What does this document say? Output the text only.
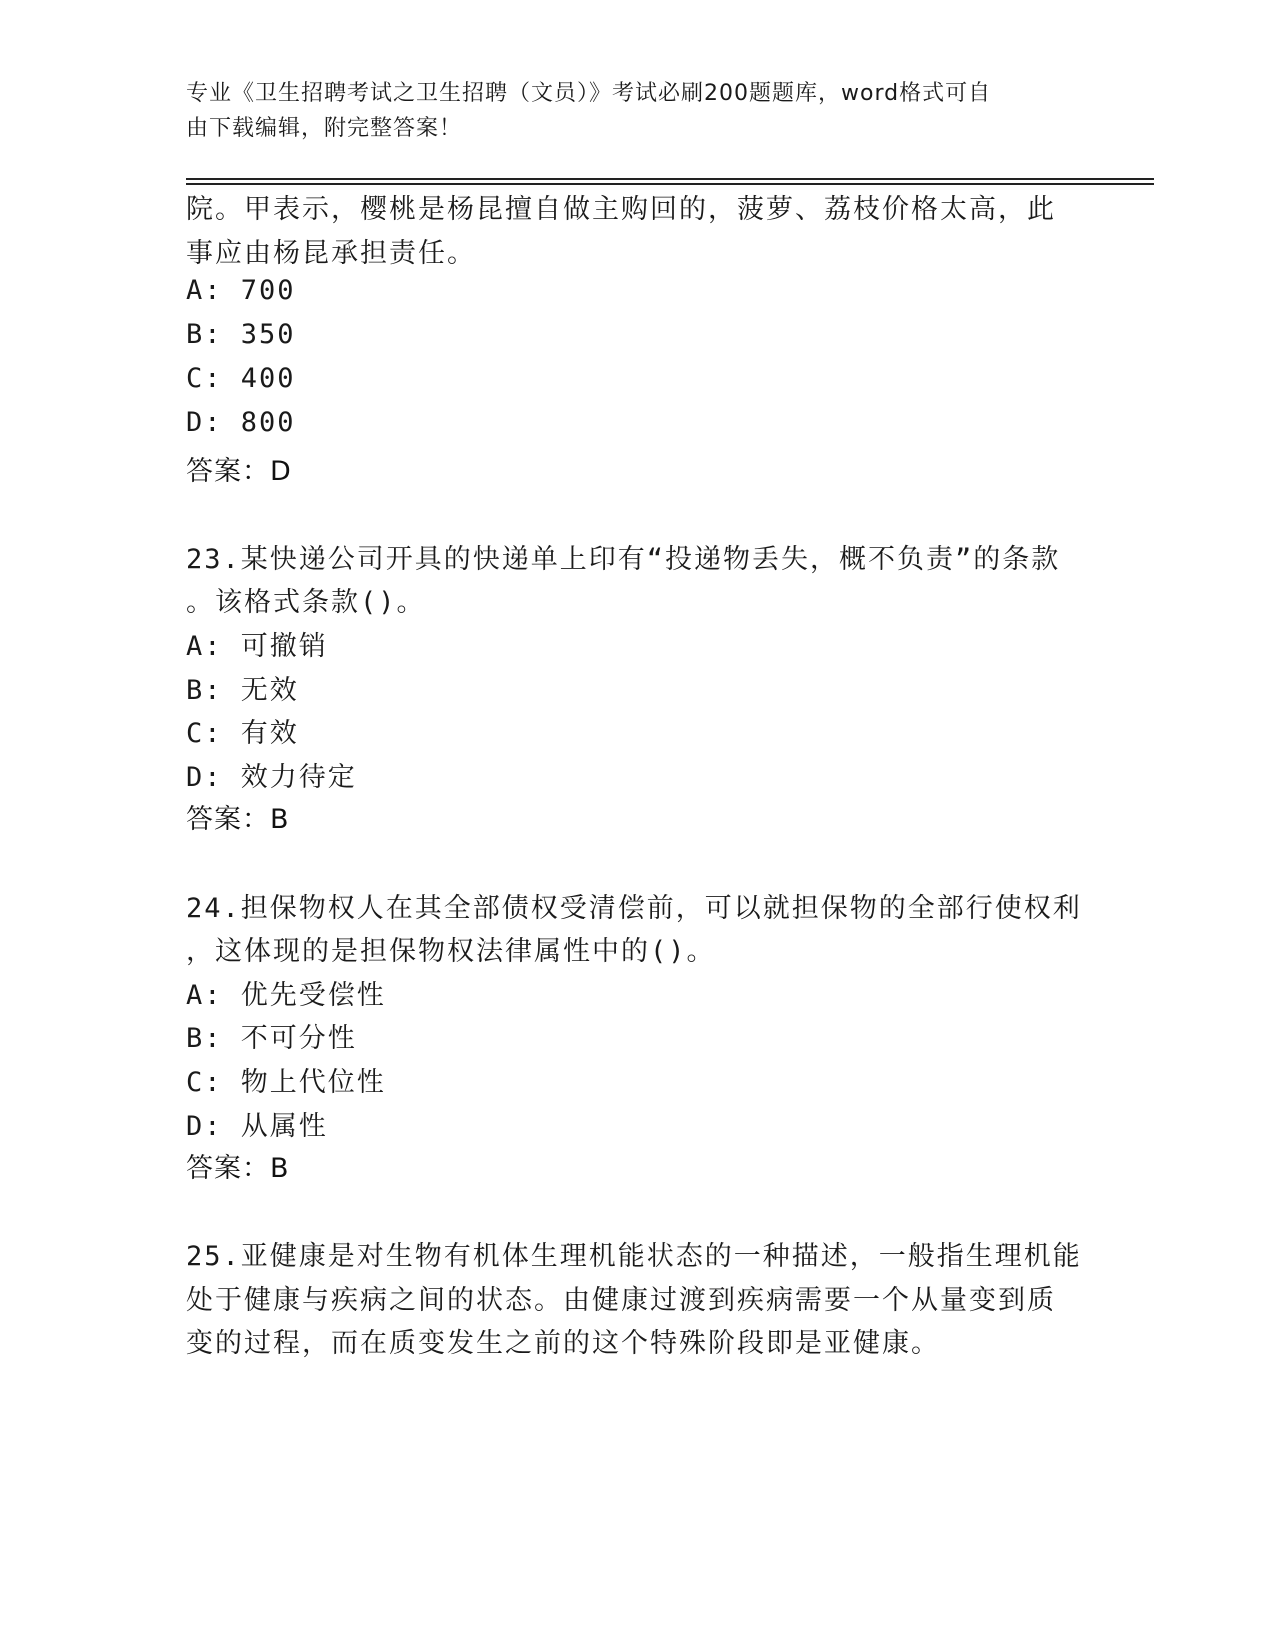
专业《卫生招聘考试之卫生招聘（文员）》考试必刷200题题库，word格式可自
由下载编辑，附完整答案！
院。甲表示，樱桃是杨昆擅自做主购回的，菠萝、荔枝价格太高，此
事应由杨昆承担责任。
A: 700
B: 350
C: 400
D: 800
答案：D
23.某快递公司开具的快递单上印有“投递物丢失，概不负责”的条款
。该格式条款()。
A: 可撤销
B: 无效
C: 有效
D: 效力待定
答案：B
24.担保物权人在其全部债权受清偿前，可以就担保物的全部行使权利
，这体现的是担保物权法律属性中的()。
A: 优先受偿性
B: 不可分性
C: 物上代位性
D: 从属性
答案：B
25.亚健康是对生物有机体生理机能状态的一种描述，一般指生理机能
处于健康与疾病之间的状态。由健康过渡到疾病需要一个从量变到质
变的过程，而在质变发生之前的这个特殊阶段即是亚健康。
